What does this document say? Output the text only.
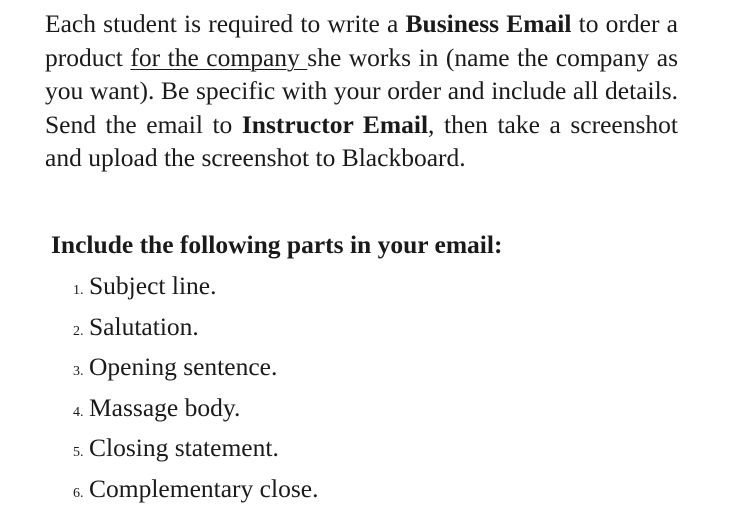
Each student is required to write a Business Email to order a product for the company she works in (name the company as you want). Be specific with your order and include all details. Send the email to Instructor Email, then take a screenshot and upload the screenshot to Blackboard.

Include the following parts in your email:
1. Subject line.
2. Salutation.
3. Opening sentence.
4. Massage body.
5. Closing statement.
6. Complementary close.
